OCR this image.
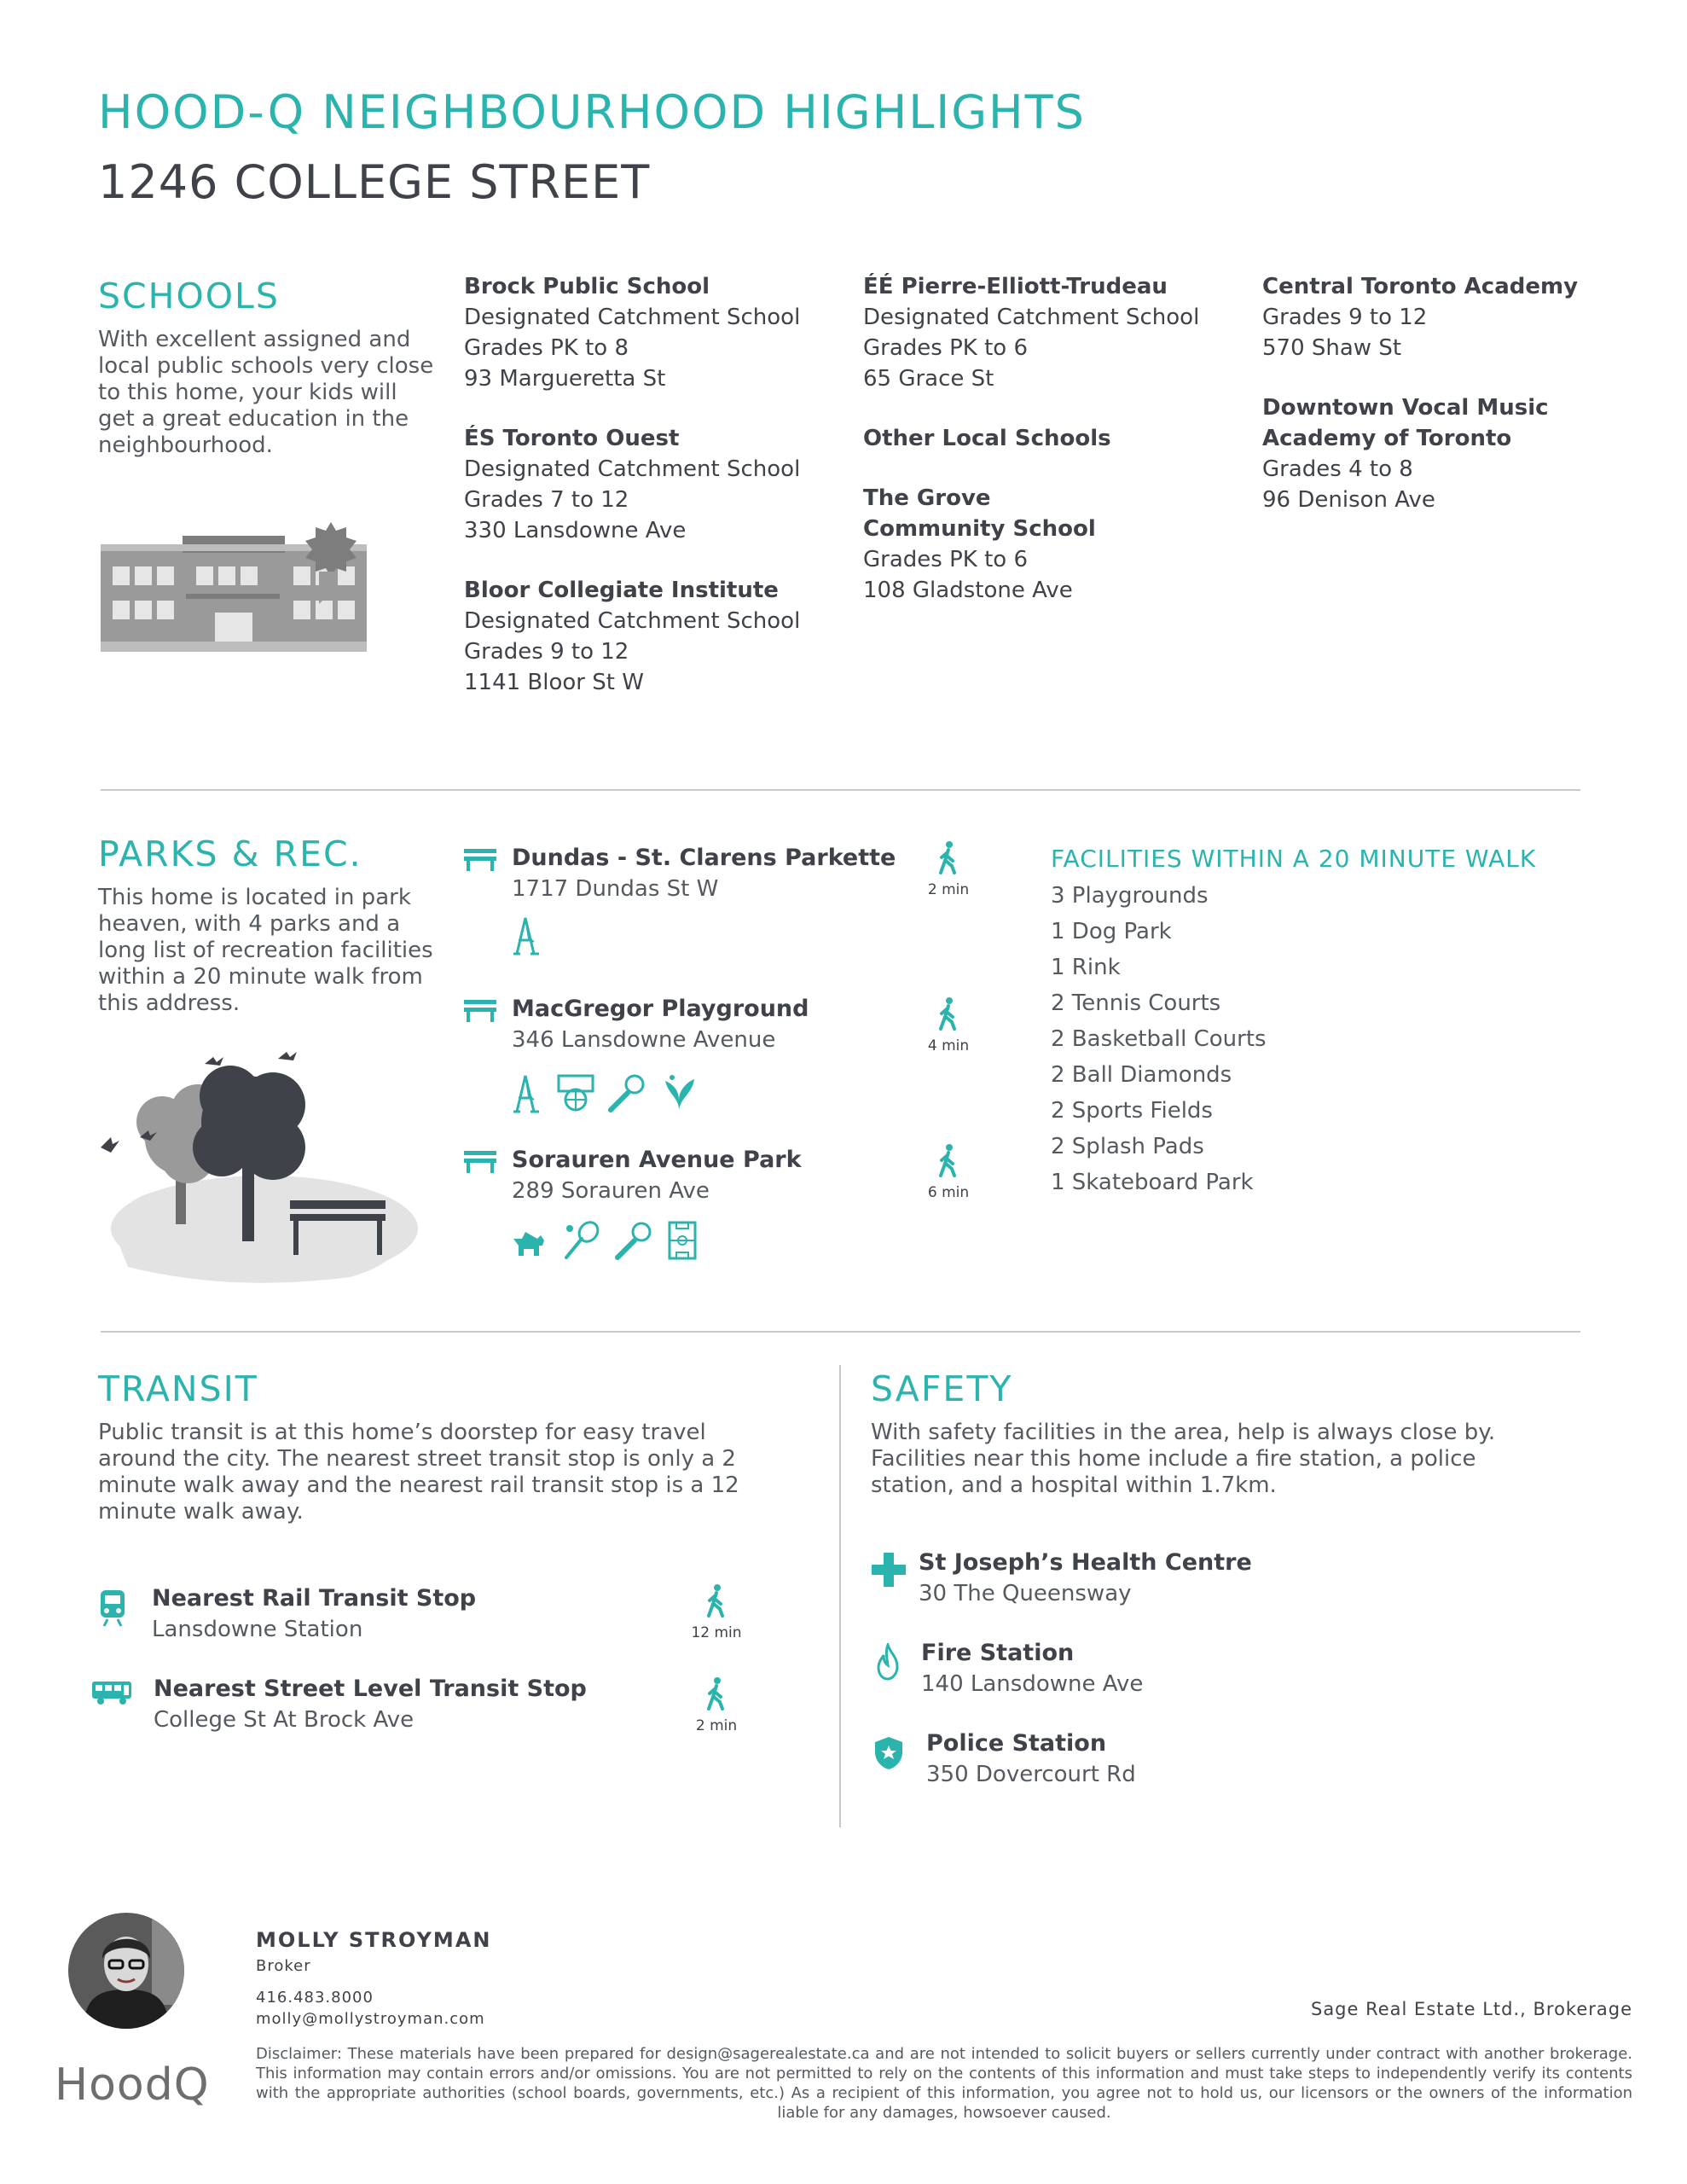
HOOD-Q NEIGHBOURHOOD HIGHLIGHTS
1246 COLLEGE STREET
SCHOOLS
With excellent assigned and local public schools very close to this home, your kids will get a great education in the neighbourhood.
Brock Public School
Designated Catchment School
Grades PK to 8
93 Margueretta St
ÉS Toronto Ouest
Designated Catchment School
Grades 7 to 12
330 Lansdowne Ave
Bloor Collegiate Institute
Designated Catchment School
Grades 9 to 12
1141 Bloor St W
ÉÉ Pierre-Elliott-Trudeau
Designated Catchment School
Grades PK to 6
65 Grace St
Other Local Schools
The Grove
Community School
Grades PK to 6
108 Gladstone Ave
Central Toronto Academy
Grades 9 to 12
570 Shaw St
Downtown Vocal Music
Academy of Toronto
Grades 4 to 8
96 Denison Ave
PARKS & REC.
This home is located in park heaven, with 4 parks and a long list of recreation facilities within a 20 minute walk from this address.
Dundas - St. Clarens Parkette
1717 Dundas St W	2 min
MacGregor Playground
346 Lansdowne Avenue	4 min
Sorauren Avenue Park
289 Sorauren Ave	6 min
FACILITIES WITHIN A 20 MINUTE WALK
3 Playgrounds
1 Dog Park
1 Rink
2 Tennis Courts
2 Basketball Courts
2 Ball Diamonds
2 Sports Fields
2 Splash Pads
1 Skateboard Park
TRANSIT
Public transit is at this home’s doorstep for easy travel around the city. The nearest street transit stop is only a 2 minute walk away and the nearest rail transit stop is a 12 minute walk away.
Nearest Rail Transit Stop
Lansdowne Station	12 min
Nearest Street Level Transit Stop
College St At Brock Ave	2 min
SAFETY
With safety facilities in the area, help is always close by. Facilities near this home include a fire station, a police station, and a hospital within 1.7km.
St Joseph’s Health Centre
30 The Queensway
Fire Station
140 Lansdowne Ave
Police Station
350 Dovercourt Rd
MOLLY STROYMAN
Broker
416.483.8000
molly@mollystroyman.com	Sage Real Estate Ltd., Brokerage
HoodQ
Disclaimer: These materials have been prepared for design@sagerealestate.ca and are not intended to solicit buyers or sellers currently under contract with another brokerage. This information may contain errors and/or omissions. You are not permitted to rely on the contents of this information and must take steps to independently verify its contents with the appropriate authorities (school boards, governments, etc.) As a recipient of this information, you agree not to hold us, our licensors or the owners of the information liable for any damages, howsoever caused.
